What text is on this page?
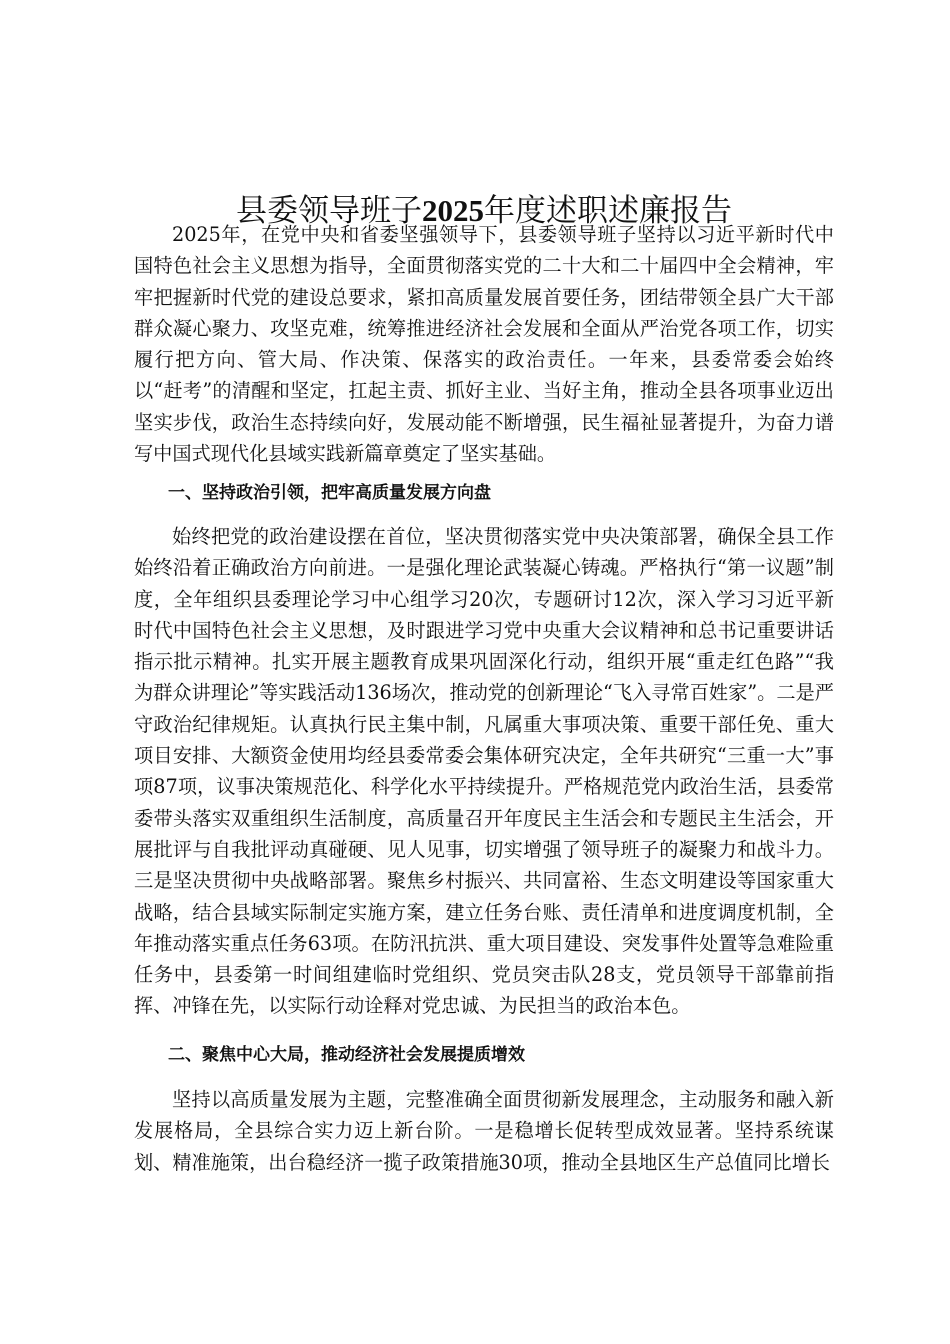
县委领导班子2025年度述职述廉报告

2025年，在党中央和省委坚强领导下，县委领导班子坚持以习近平新时代中国特色社会主义思想为指导，全面贯彻落实党的二十大和二十届四中全会精神，牢牢把握新时代党的建设总要求，紧扣高质量发展首要任务，团结带领全县广大干部群众凝心聚力、攻坚克难，统筹推进经济社会发展和全面从严治党各项工作，切实履行把方向、管大局、作决策、保落实的政治责任。一年来，县委常委会始终以“赶考”的清醒和坚定，扛起主责、抓好主业、当好主角，推动全县各项事业迈出坚实步伐，政治生态持续向好，发展动能不断增强，民生福祉显著提升，为奋力谱写中国式现代化县域实践新篇章奠定了坚实基础。

一、坚持政治引领，把牢高质量发展方向盘

始终把党的政治建设摆在首位，坚决贯彻落实党中央决策部署，确保全县工作始终沿着正确政治方向前进。一是强化理论武装凝心铸魂。严格执行“第一议题”制度，全年组织县委理论学习中心组学习20次，专题研讨12次，深入学习习近平新时代中国特色社会主义思想，及时跟进学习党中央重大会议精神和总书记重要讲话指示批示精神。扎实开展主题教育成果巩固深化行动，组织开展“重走红色路”“我为群众讲理论”等实践活动136场次，推动党的创新理论“飞入寻常百姓家”。二是严守政治纪律规矩。认真执行民主集中制，凡属重大事项决策、重要干部任免、重大项目安排、大额资金使用均经县委常委会集体研究决定，全年共研究“三重一大”事项87项，议事决策规范化、科学化水平持续提升。严格规范党内政治生活，县委常委带头落实双重组织生活制度，高质量召开年度民主生活会和专题民主生活会，开展批评与自我批评动真碰硬、见人见事，切实增强了领导班子的凝聚力和战斗力。三是坚决贯彻中央战略部署。聚焦乡村振兴、共同富裕、生态文明建设等国家重大战略，结合县域实际制定实施方案，建立任务台账、责任清单和进度调度机制，全年推动落实重点任务63项。在防汛抗洪、重大项目建设、突发事件处置等急难险重任务中，县委第一时间组建临时党组织、党员突击队28支，党员领导干部靠前指挥、冲锋在先，以实际行动诠释对党忠诚、为民担当的政治本色。

二、聚焦中心大局，推动经济社会发展提质增效

坚持以高质量发展为主题，完整准确全面贯彻新发展理念，主动服务和融入新发展格局，全县综合实力迈上新台阶。一是稳增长促转型成效显著。坚持系统谋划、精准施策，出台稳经济一揽子政策措施30项，推动全县地区生产总值同比增长
